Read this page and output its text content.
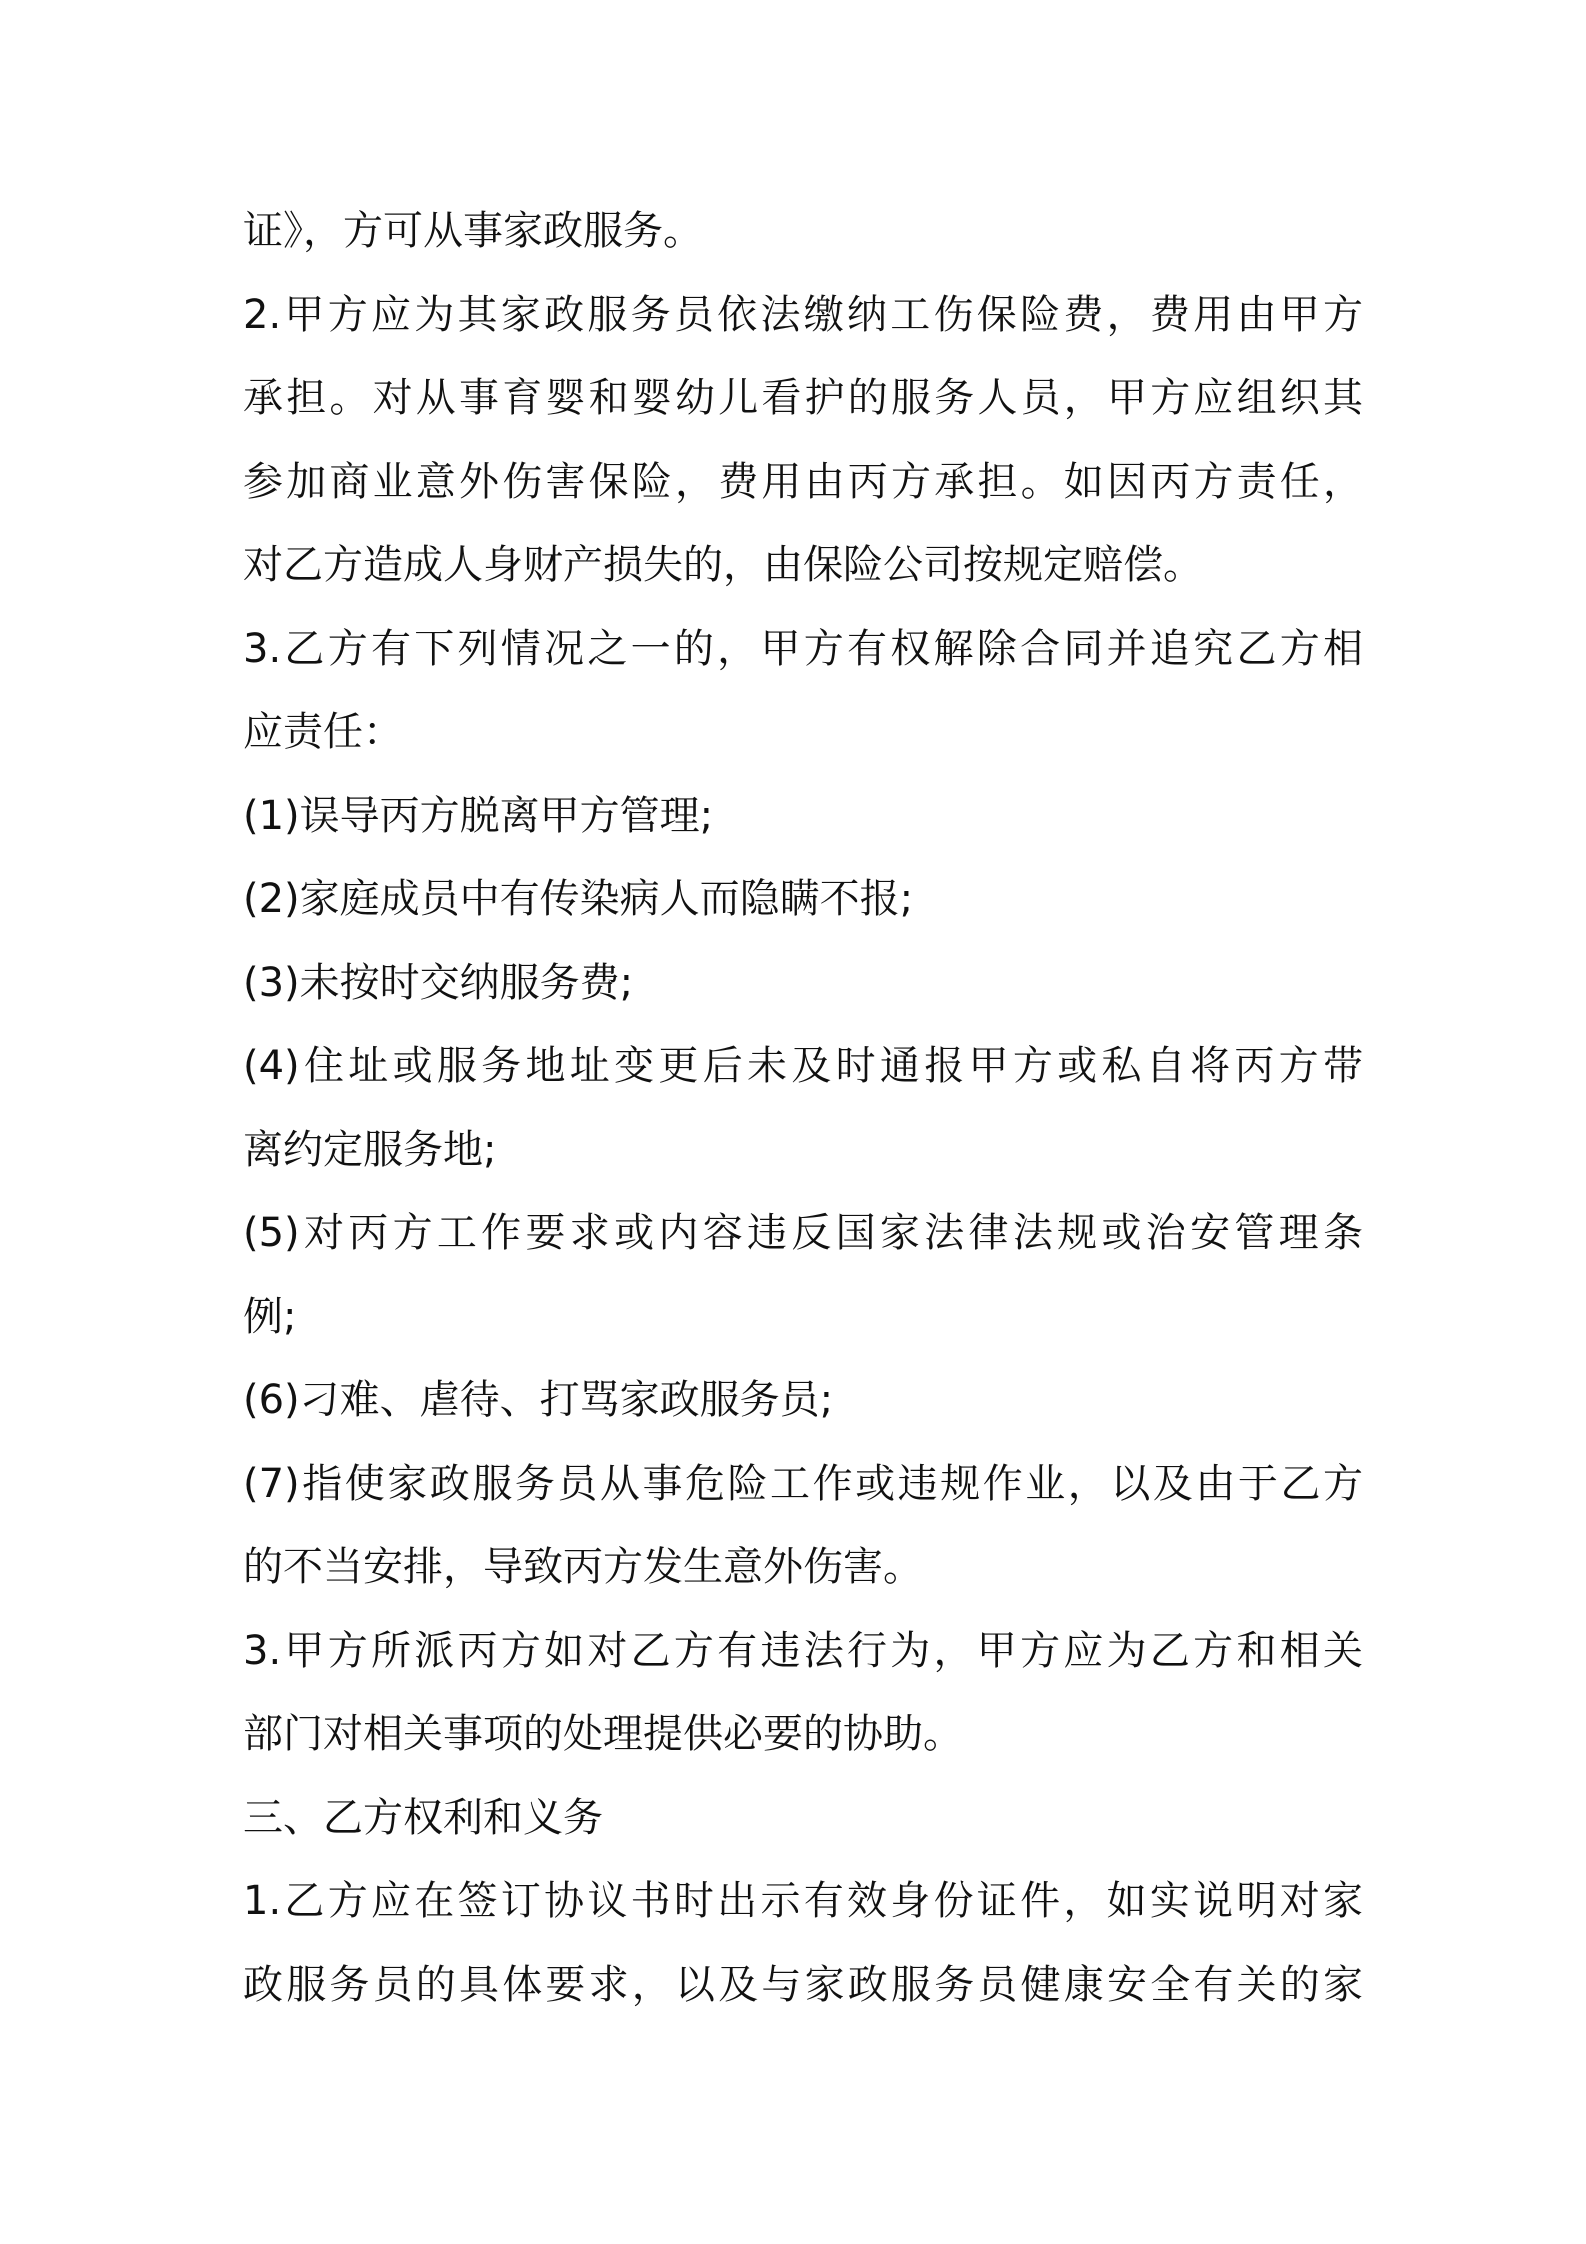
证》，方可从事家政服务。
2.甲方应为其家政服务员依法缴纳工伤保险费，费用由甲方
承担。对从事育婴和婴幼儿看护的服务人员，甲方应组织其
参加商业意外伤害保险，费用由丙方承担。如因丙方责任，
对乙方造成人身财产损失的，由保险公司按规定赔偿。
3.乙方有下列情况之一的，甲方有权解除合同并追究乙方相
应责任：
(1)误导丙方脱离甲方管理;
(2)家庭成员中有传染病人而隐瞒不报;
(3)未按时交纳服务费;
(4)住址或服务地址变更后未及时通报甲方或私自将丙方带
离约定服务地;
(5)对丙方工作要求或内容违反国家法律法规或治安管理条
例;
(6)刁难、虐待、打骂家政服务员;
(7)指使家政服务员从事危险工作或违规作业，以及由于乙方
的不当安排，导致丙方发生意外伤害。
3.甲方所派丙方如对乙方有违法行为，甲方应为乙方和相关
部门对相关事项的处理提供必要的协助。
三、乙方权利和义务
1.乙方应在签订协议书时出示有效身份证件，如实说明对家
政服务员的具体要求，以及与家政服务员健康安全有关的家
